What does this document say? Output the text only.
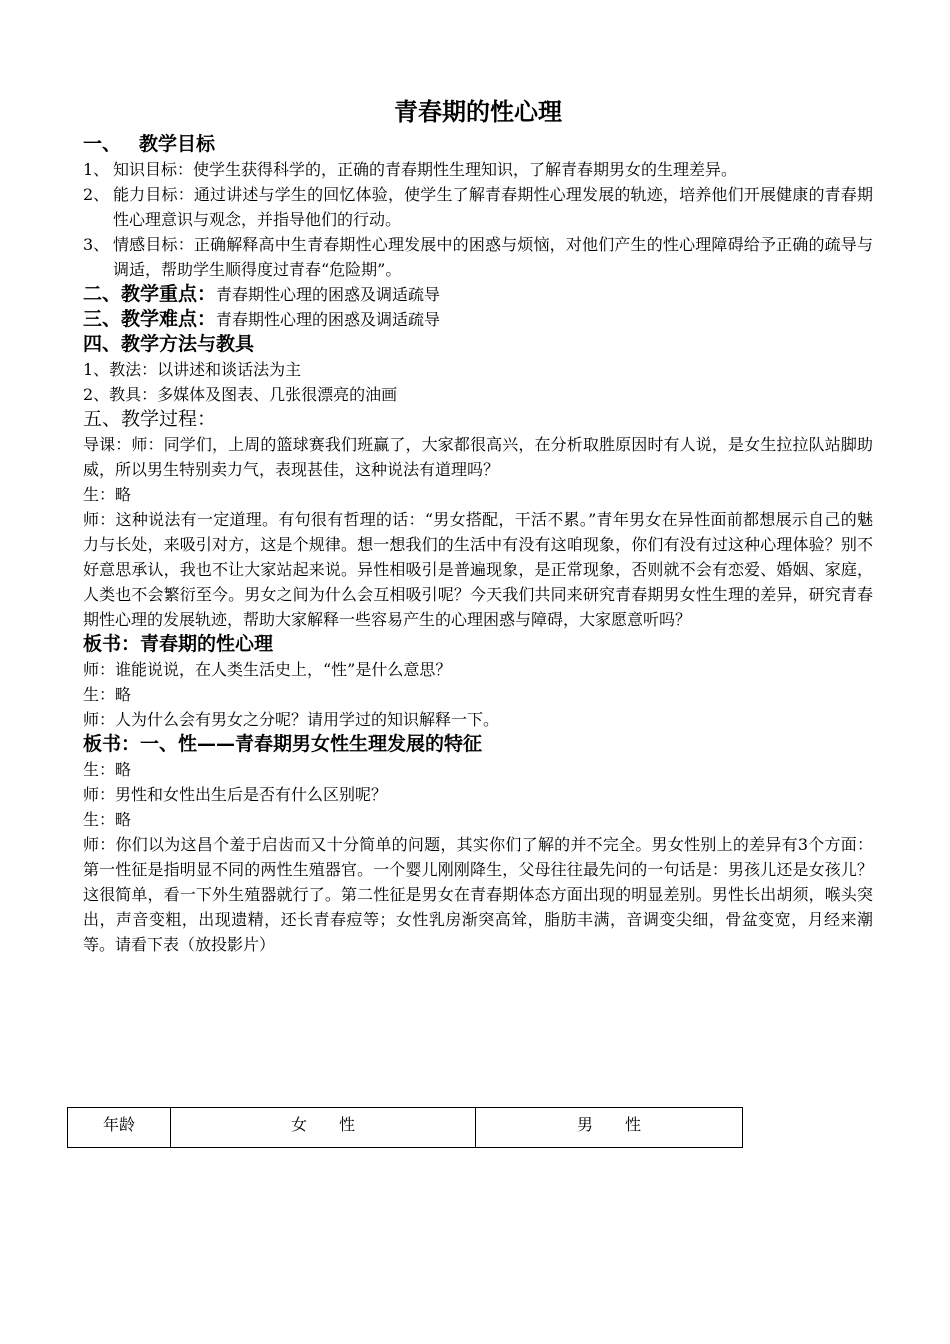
青春期的性心理

一、 教学目标

1、 知识目标：使学生获得科学的，正确的青春期性生理知识，了解青春期男女的生理差异。
2、 能力目标：通过讲述与学生的回忆体验，使学生了解青春期性心理发展的轨迹，培养他们开展健康的青春期性心理意识与观念，并指导他们的行动。
3、 情感目标：正确解释高中生青春期性心理发展中的困惑与烦恼，对他们产生的性心理障碍给予正确的疏导与调适，帮助学生顺得度过青春“危险期”。

二、教学重点：青春期性心理的困惑及调适疏导

三、教学难点：青春期性心理的困惑及调适疏导

四、教学方法与教具

1、教法：以讲述和谈话法为主

2、教具：多媒体及图表、几张很漂亮的油画

五、教学过程：

导课：师：同学们，上周的篮球赛我们班赢了，大家都很高兴，在分析取胜原因时有人说，是女生拉拉队站脚助威，所以男生特别卖力气，表现甚佳，这种说法有道理吗？

生：略

师：这种说法有一定道理。有句很有哲理的话：“男女搭配，干活不累。”青年男女在异性面前都想展示自己的魅力与长处，来吸引对方，这是个规律。想一想我们的生活中有没有这咱现象，你们有没有过这种心理体验？别不好意思承认，我也不让大家站起来说。异性相吸引是普遍现象，是正常现象，否则就不会有恋爱、婚姻、家庭，人类也不会繁衍至今。男女之间为什么会互相吸引呢？今天我们共同来研究青春期男女性生理的差异，研究青春期性心理的发展轨迹，帮助大家解释一些容易产生的心理困惑与障碍，大家愿意听吗？

板书：青春期的性心理

师：谁能说说，在人类生活史上，“性”是什么意思？

生：略

师：人为什么会有男女之分呢？请用学过的知识解释一下。

板书：一、性——青春期男女性生理发展的特征

生：略

师：男性和女性出生后是否有什么区别呢？

生：略

师：你们以为这昌个羞于启齿而又十分简单的问题，其实你们了解的并不完全。男女性别上的差异有3个方面：第一性征是指明显不同的两性生殖器官。一个婴儿刚刚降生，父母往往最先问的一句话是：男孩儿还是女孩儿？这很简单，看一下外生殖器就行了。第二性征是男女在青春期体态方面出现的明显差别。男性长出胡须，喉头突出，声音变粗，出现遗精，还长青春痘等；女性乳房渐突高耸，脂肪丰满，音调变尖细，骨盆变宽，月经来潮等。请看下表（放投影片）

年龄	女　　性	男　　性
